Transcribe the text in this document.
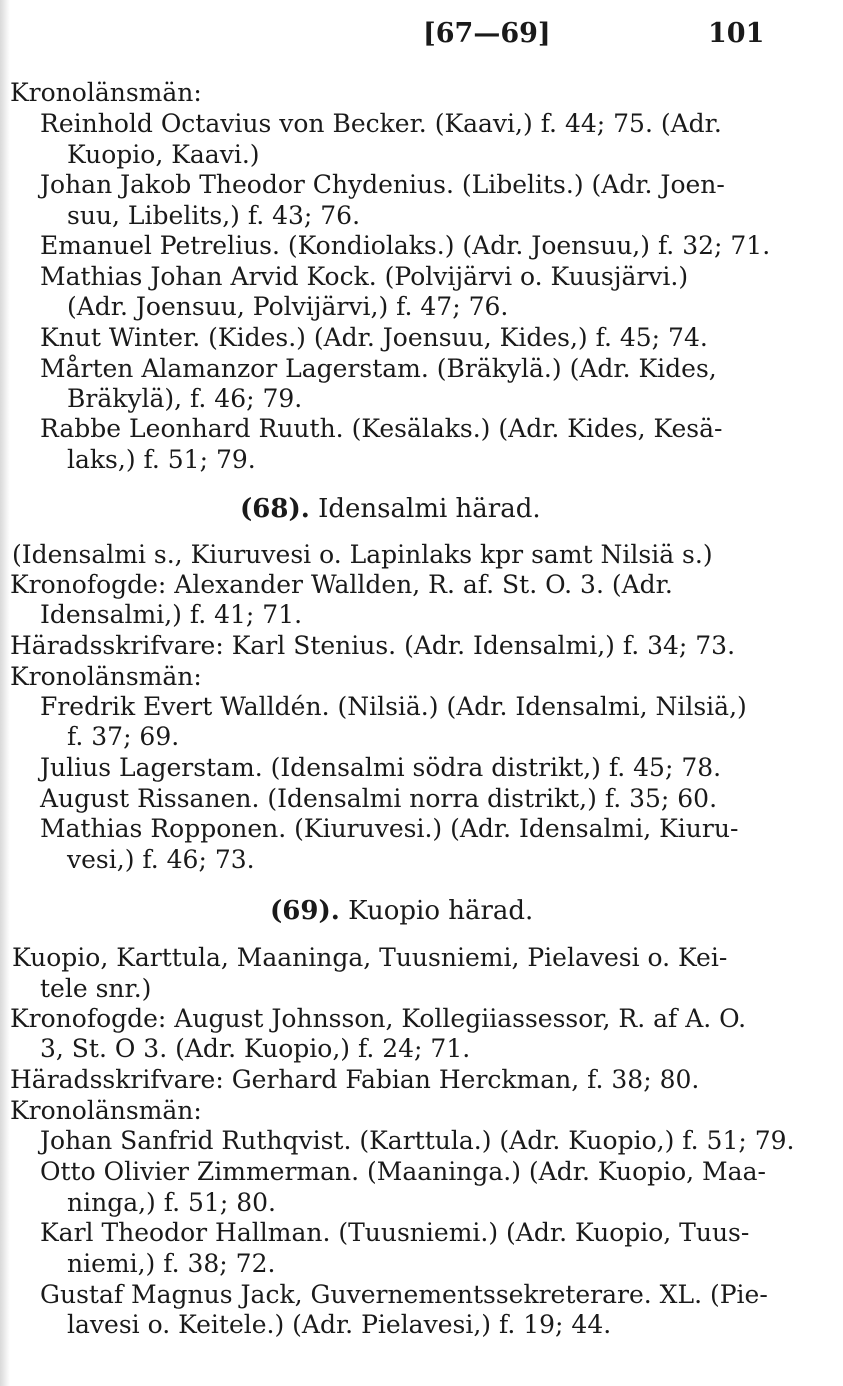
[67—69]	101
Kronolänsmän:
Reinhold Octavius von Becker. (Kaavi,) f. 44; 75. (Adr.
Kuopio, Kaavi.)
Johan Jakob Theodor Chydenius. (Libelits.) (Adr. Joen-
suu, Libelits,) f. 43; 76.
Emanuel Petrelius. (Kondiolaks.) (Adr. Joensuu,) f. 32; 71.
Mathias Johan Arvid Kock. (Polvijärvi o. Kuusjärvi.)
(Adr. Joensuu, Polvijärvi,) f. 47; 76.
Knut Winter. (Kides.) (Adr. Joensuu, Kides,) f. 45; 74.
Mårten Alamanzor Lagerstam. (Bräkylä.) (Adr. Kides,
Bräkylä), f. 46; 79.
Rabbe Leonhard Ruuth. (Kesälaks.) (Adr. Kides, Kesä-
laks,) f. 51; 79.
(68). Idensalmi härad.
(Idensalmi s., Kiuruvesi o. Lapinlaks kpr samt Nilsiä s.)
Kronofogde: Alexander Wallden, R. af. St. O. 3. (Adr.
Idensalmi,) f. 41; 71.
Häradsskrifvare: Karl Stenius. (Adr. Idensalmi,) f. 34; 73.
Kronolänsmän:
Fredrik Evert Walldén. (Nilsiä.) (Adr. Idensalmi, Nilsiä,)
f. 37; 69.
Julius Lagerstam. (Idensalmi södra distrikt,) f. 45; 78.
August Rissanen. (Idensalmi norra distrikt,) f. 35; 60.
Mathias Ropponen. (Kiuruvesi.) (Adr. Idensalmi, Kiuru-
vesi,) f. 46; 73.
(69). Kuopio härad.
Kuopio, Karttula, Maaninga, Tuusniemi, Pielavesi o. Kei-
tele snr.)
Kronofogde: August Johnsson, Kollegiiassessor, R. af A. O.
3, St. O 3. (Adr. Kuopio,) f. 24; 71.
Häradsskrifvare: Gerhard Fabian Herckman, f. 38; 80.
Kronolänsmän:
Johan Sanfrid Ruthqvist. (Karttula.) (Adr. Kuopio,) f. 51; 79.
Otto Olivier Zimmerman. (Maaninga.) (Adr. Kuopio, Maa-
ninga,) f. 51; 80.
Karl Theodor Hallman. (Tuusniemi.) (Adr. Kuopio, Tuus-
niemi,) f. 38; 72.
Gustaf Magnus Jack, Guvernementssekreterare. XL. (Pie-
lavesi o. Keitele.) (Adr. Pielavesi,) f. 19; 44.
